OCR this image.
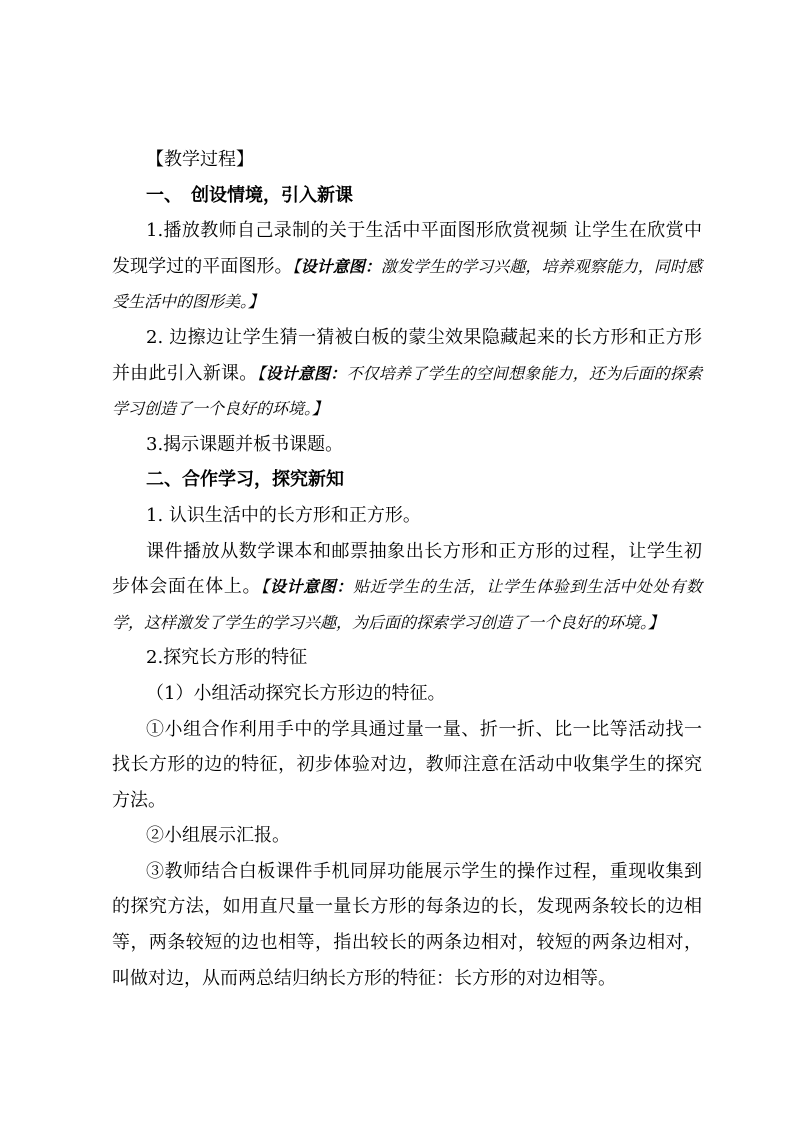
【教学过程】

一、　创设情境，引入新课

1.播放教师自己录制的关于生活中平面图形欣赏视频 让学生在欣赏中发现学过的平面图形。【设计意图：激发学生的学习兴趣，培养观察能力，同时感受生活中的图形美。】

2. 边擦边让学生猜一猜被白板的蒙尘效果隐藏起来的长方形和正方形并由此引入新课。【设计意图：不仅培养了学生的空间想象能力，还为后面的探索学习创造了一个良好的环境。】

3.揭示课题并板书课题。

二、合作学习，探究新知

1. 认识生活中的长方形和正方形。

课件播放从数学课本和邮票抽象出长方形和正方形的过程，让学生初步体会面在体上。【设计意图：贴近学生的生活，让学生体验到生活中处处有数学，这样激发了学生的学习兴趣，为后面的探索学习创造了一个良好的环境。】

2.探究长方形的特征

（1）小组活动探究长方形边的特征。

①小组合作利用手中的学具通过量一量、折一折、比一比等活动找一找长方形的边的特征，初步体验对边，教师注意在活动中收集学生的探究方法。

②小组展示汇报。

③教师结合白板课件手机同屏功能展示学生的操作过程，重现收集到的探究方法，如用直尺量一量长方形的每条边的长，发现两条较长的边相等，两条较短的边也相等，指出较长的两条边相对，较短的两条边相对，叫做对边，从而两总结归纳长方形的特征：长方形的对边相等。
